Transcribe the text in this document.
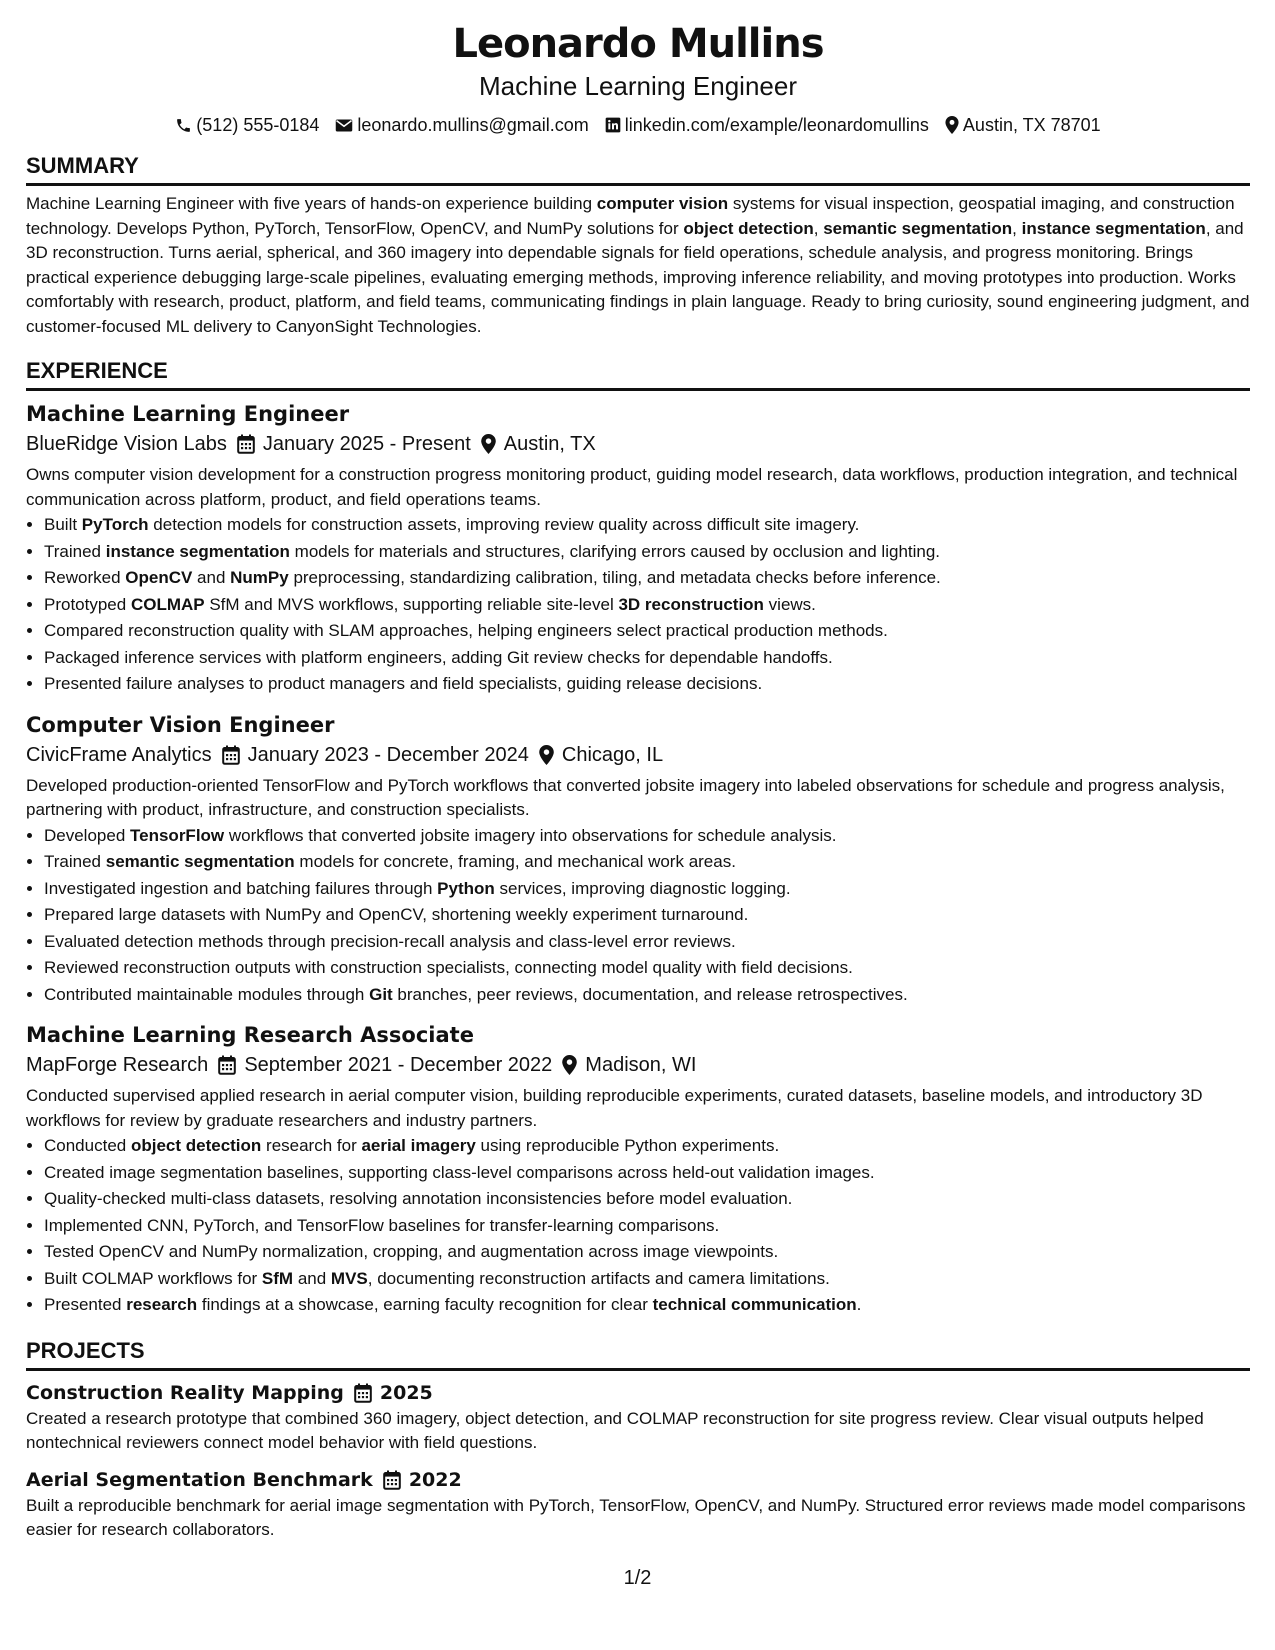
Leonardo Mullins
Machine Learning Engineer
(512) 555-0184 leonardo.mullins@gmail.com linkedin.com/example/leonardomullins Austin, TX 78701
SUMMARY
Machine Learning Engineer with five years of hands-on experience building computer vision systems for visual inspection, geospatial imaging, and construction technology. Develops Python, PyTorch, TensorFlow, OpenCV, and NumPy solutions for object detection, semantic segmentation, instance segmentation, and 3D reconstruction. Turns aerial, spherical, and 360 imagery into dependable signals for field operations, schedule analysis, and progress monitoring. Brings practical experience debugging large-scale pipelines, evaluating emerging methods, improving inference reliability, and moving prototypes into production. Works comfortably with research, product, platform, and field teams, communicating findings in plain language. Ready to bring curiosity, sound engineering judgment, and customer-focused ML delivery to CanyonSight Technologies.
EXPERIENCE
Machine Learning Engineer
BlueRidge Vision Labs January 2025 - Present Austin, TX
Owns computer vision development for a construction progress monitoring product, guiding model research, data workflows, production integration, and technical communication across platform, product, and field operations teams.
• Built PyTorch detection models for construction assets, improving review quality across difficult site imagery.
• Trained instance segmentation models for materials and structures, clarifying errors caused by occlusion and lighting.
• Reworked OpenCV and NumPy preprocessing, standardizing calibration, tiling, and metadata checks before inference.
• Prototyped COLMAP SfM and MVS workflows, supporting reliable site-level 3D reconstruction views.
• Compared reconstruction quality with SLAM approaches, helping engineers select practical production methods.
• Packaged inference services with platform engineers, adding Git review checks for dependable handoffs.
• Presented failure analyses to product managers and field specialists, guiding release decisions.
Computer Vision Engineer
CivicFrame Analytics January 2023 - December 2024 Chicago, IL
Developed production-oriented TensorFlow and PyTorch workflows that converted jobsite imagery into labeled observations for schedule and progress analysis, partnering with product, infrastructure, and construction specialists.
• Developed TensorFlow workflows that converted jobsite imagery into observations for schedule analysis.
• Trained semantic segmentation models for concrete, framing, and mechanical work areas.
• Investigated ingestion and batching failures through Python services, improving diagnostic logging.
• Prepared large datasets with NumPy and OpenCV, shortening weekly experiment turnaround.
• Evaluated detection methods through precision-recall analysis and class-level error reviews.
• Reviewed reconstruction outputs with construction specialists, connecting model quality with field decisions.
• Contributed maintainable modules through Git branches, peer reviews, documentation, and release retrospectives.
Machine Learning Research Associate
MapForge Research September 2021 - December 2022 Madison, WI
Conducted supervised applied research in aerial computer vision, building reproducible experiments, curated datasets, baseline models, and introductory 3D workflows for review by graduate researchers and industry partners.
• Conducted object detection research for aerial imagery using reproducible Python experiments.
• Created image segmentation baselines, supporting class-level comparisons across held-out validation images.
• Quality-checked multi-class datasets, resolving annotation inconsistencies before model evaluation.
• Implemented CNN, PyTorch, and TensorFlow baselines for transfer-learning comparisons.
• Tested OpenCV and NumPy normalization, cropping, and augmentation across image viewpoints.
• Built COLMAP workflows for SfM and MVS, documenting reconstruction artifacts and camera limitations.
• Presented research findings at a showcase, earning faculty recognition for clear technical communication.
PROJECTS
Construction Reality Mapping 2025
Created a research prototype that combined 360 imagery, object detection, and COLMAP reconstruction for site progress review. Clear visual outputs helped nontechnical reviewers connect model behavior with field questions.
Aerial Segmentation Benchmark 2022
Built a reproducible benchmark for aerial image segmentation with PyTorch, TensorFlow, OpenCV, and NumPy. Structured error reviews made model comparisons easier for research collaborators.
1/2
